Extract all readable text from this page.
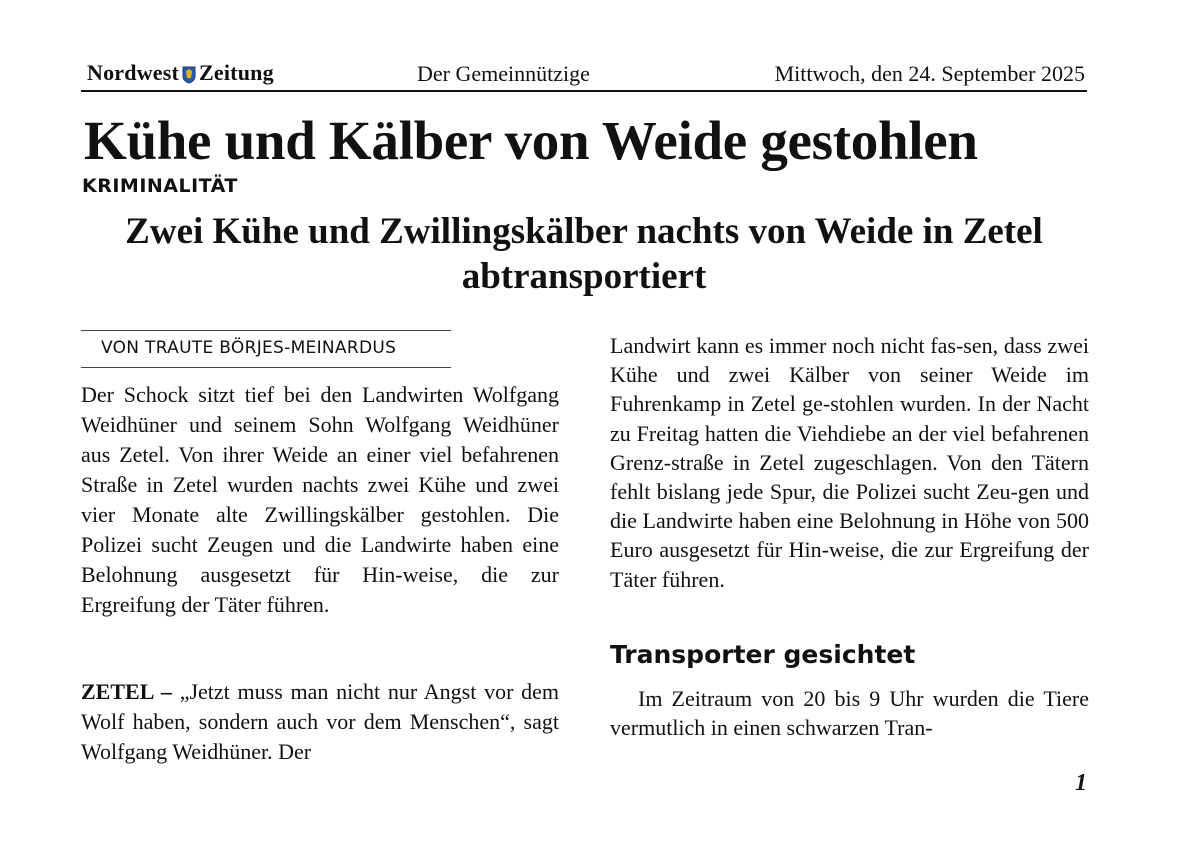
Nordwest Zeitung	Der Gemeinnützige	Mittwoch, den 24. September 2025
Kühe und Kälber von Weide gestohlen
KRIMINALITÄT
Zwei Kühe und Zwillingskälber nachts von Weide in Zetel abtransportiert
VON TRAUTE BÖRJES-MEINARDUS

Der Schock sitzt tief bei den Landwirten Wolfgang Weidhüner und seinem Sohn Wolfgang Weidhüner aus Zetel. Von ihrer Weide an einer viel befahrenen Straße in Zetel wurden nachts zwei Kühe und zwei vier Monate alte Zwillingskälber gestohlen. Die Polizei sucht Zeugen und die Landwirte haben eine Belohnung ausgesetzt für Hin-weise, die zur Ergreifung der Täter führen.

ZETEL – „Jetzt muss man nicht nur Angst vor dem Wolf haben, sondern auch vor dem Menschen“, sagt Wolfgang Weidhüner. Der

Landwirt kann es immer noch nicht fas-sen, dass zwei Kühe und zwei Kälber von seiner Weide im Fuhrenkamp in Zetel ge-stohlen wurden. In der Nacht zu Freitag hatten die Viehdiebe an der viel befahrenen Grenz-straße in Zetel zugeschlagen. Von den Tätern fehlt bislang jede Spur, die Polizei sucht Zeu-gen und die Landwirte haben eine Belohnung in Höhe von 500 Euro ausgesetzt für Hin-weise, die zur Ergreifung der Täter führen.

Transporter gesichtet

Im Zeitraum von 20 bis 9 Uhr wurden die Tiere vermutlich in einen schwarzen Tran-

1
